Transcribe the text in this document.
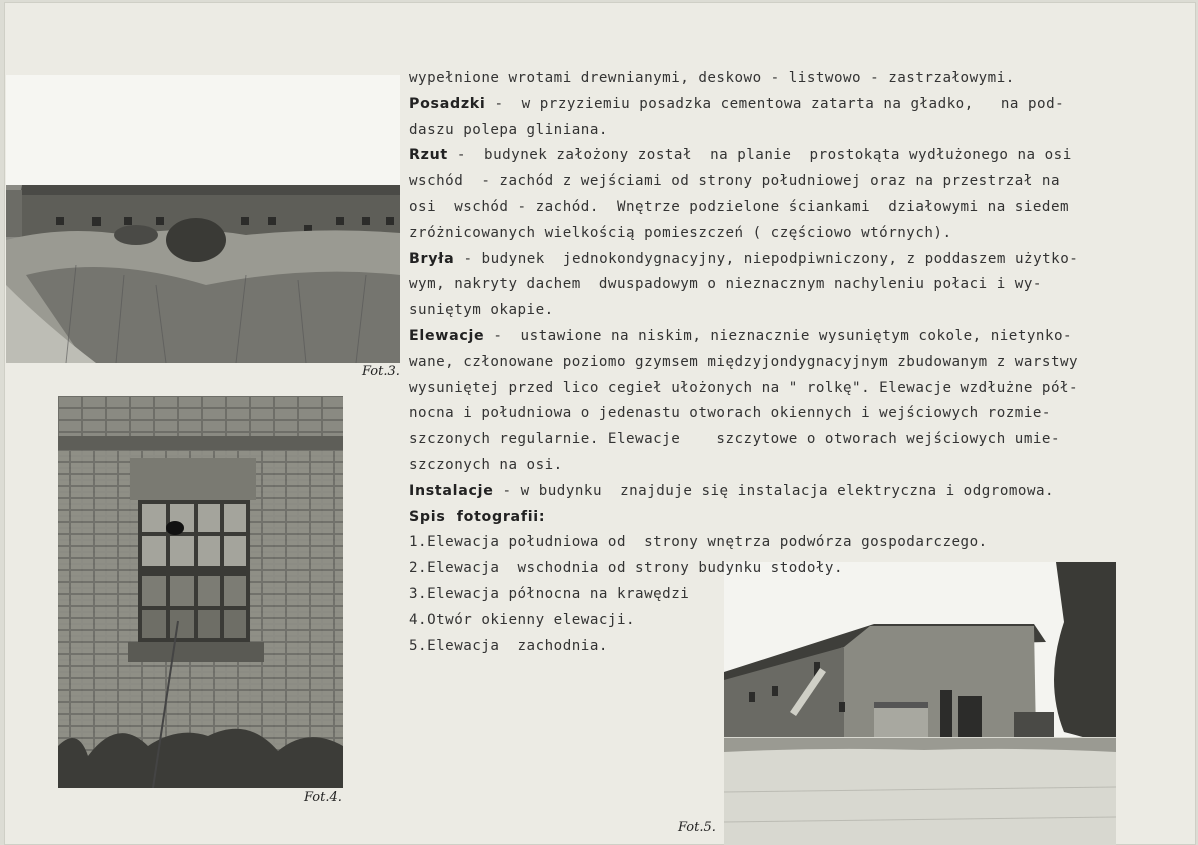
Fot.3.
Fot.4.
Fot.5.
wypełnione wrotami drewnianymi, deskowo - listwowo - zastrzałowymi.
Posadzki -  w przyziemiu posadzka cementowa zatarta na gładko,   na pod-
daszu polepa gliniana.
Rzut -  budynek założony został  na planie  prostokąta wydłużonego na osi
wschód  - zachód z wejściami od strony południowej oraz na przestrzał na
osi  wschód - zachód.  Wnętrze podzielone ściankami  działowymi na siedem
zróżnicowanych wielkością pomieszczeń ( częściowo wtórnych).
Bryła - budynek  jednokondygnacyjny, niepodpiwniczony, z poddaszem użytko-
wym, nakryty dachem  dwuspadowym o nieznacznym nachyleniu połaci i wy-
suniętym okapie.
Elewacje -  ustawione na niskim, nieznacznie wysuniętym cokole, nietynko-
wane, członowane poziomo gzymsem międzyjondygnacyjnym zbudowanym z warstwy
wysuniętej przed lico cegieł ułożonych na " rolkę". Elewacje wzdłużne pół-
nocna i południowa o jedenastu otworach okiennych i wejściowych rozmie-
szczonych regularnie. Elewacje    szczytowe o otworach wejściowych umie-
szczonych na osi.
Instalacje - w budynku  znajduje się instalacja elektryczna i odgromowa.
Spis  fotografii:
1.Elewacja południowa od  strony wnętrza podwórza gospodarczego.
2.Elewacja  wschodnia od strony budynku stodoły.
3.Elewacja północna na krawędzi
4.Otwór okienny elewacji.
5.Elewacja  zachodnia.
